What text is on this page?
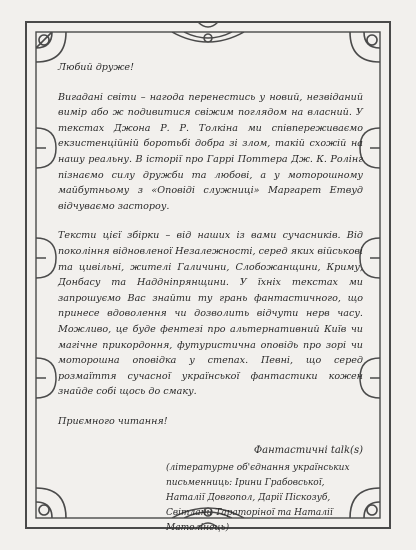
Любий друже!

Вигадані світи – нагода перенестись у новий, незвіданий вимір або ж подивитися свіжим поглядом на власний. У текстах Джона Р. Р. Толкіна ми співпереживаємо екзистенційній боротьбі добра зі злом, такій схожій на нашу реальну. В історії про Гаррі Поттера Дж. К. Ролінг пізнаємо силу дружби та любові, а у моторошному майбутньому з «Оповіді служниці» Маргарет Етвуд відчуваємо застороу.

Тексти цієї збірки – від наших із вами сучасників. Від покоління відновленої Незалежності, серед яких військові та цивільні, жителі Галичини, Слобожанщини, Криму, Донбасу та Наддніпрянщини. У їхніх текстах ми запрошуємо Вас знайти ту грань фантастичного, що принесе вдоволення чи дозволить відчути нерв часу. Можливо, це буде фентезі про альтернативний Київ чи магічне прикордоння, футуристична оповідь про зорі чи моторошна оповідка у степах. Певні, що серед розмаїття сучасної української фантастики кожен знайде собі щось до смаку.

Приємного читання!

Фантастичні talk(s)
(літературне об'єднання українських письменниць: Ірини Грабовської, Наталії Довгопол, Дарії Піскозуб, Світлани Тараторіної та Наталії Матолінець)
